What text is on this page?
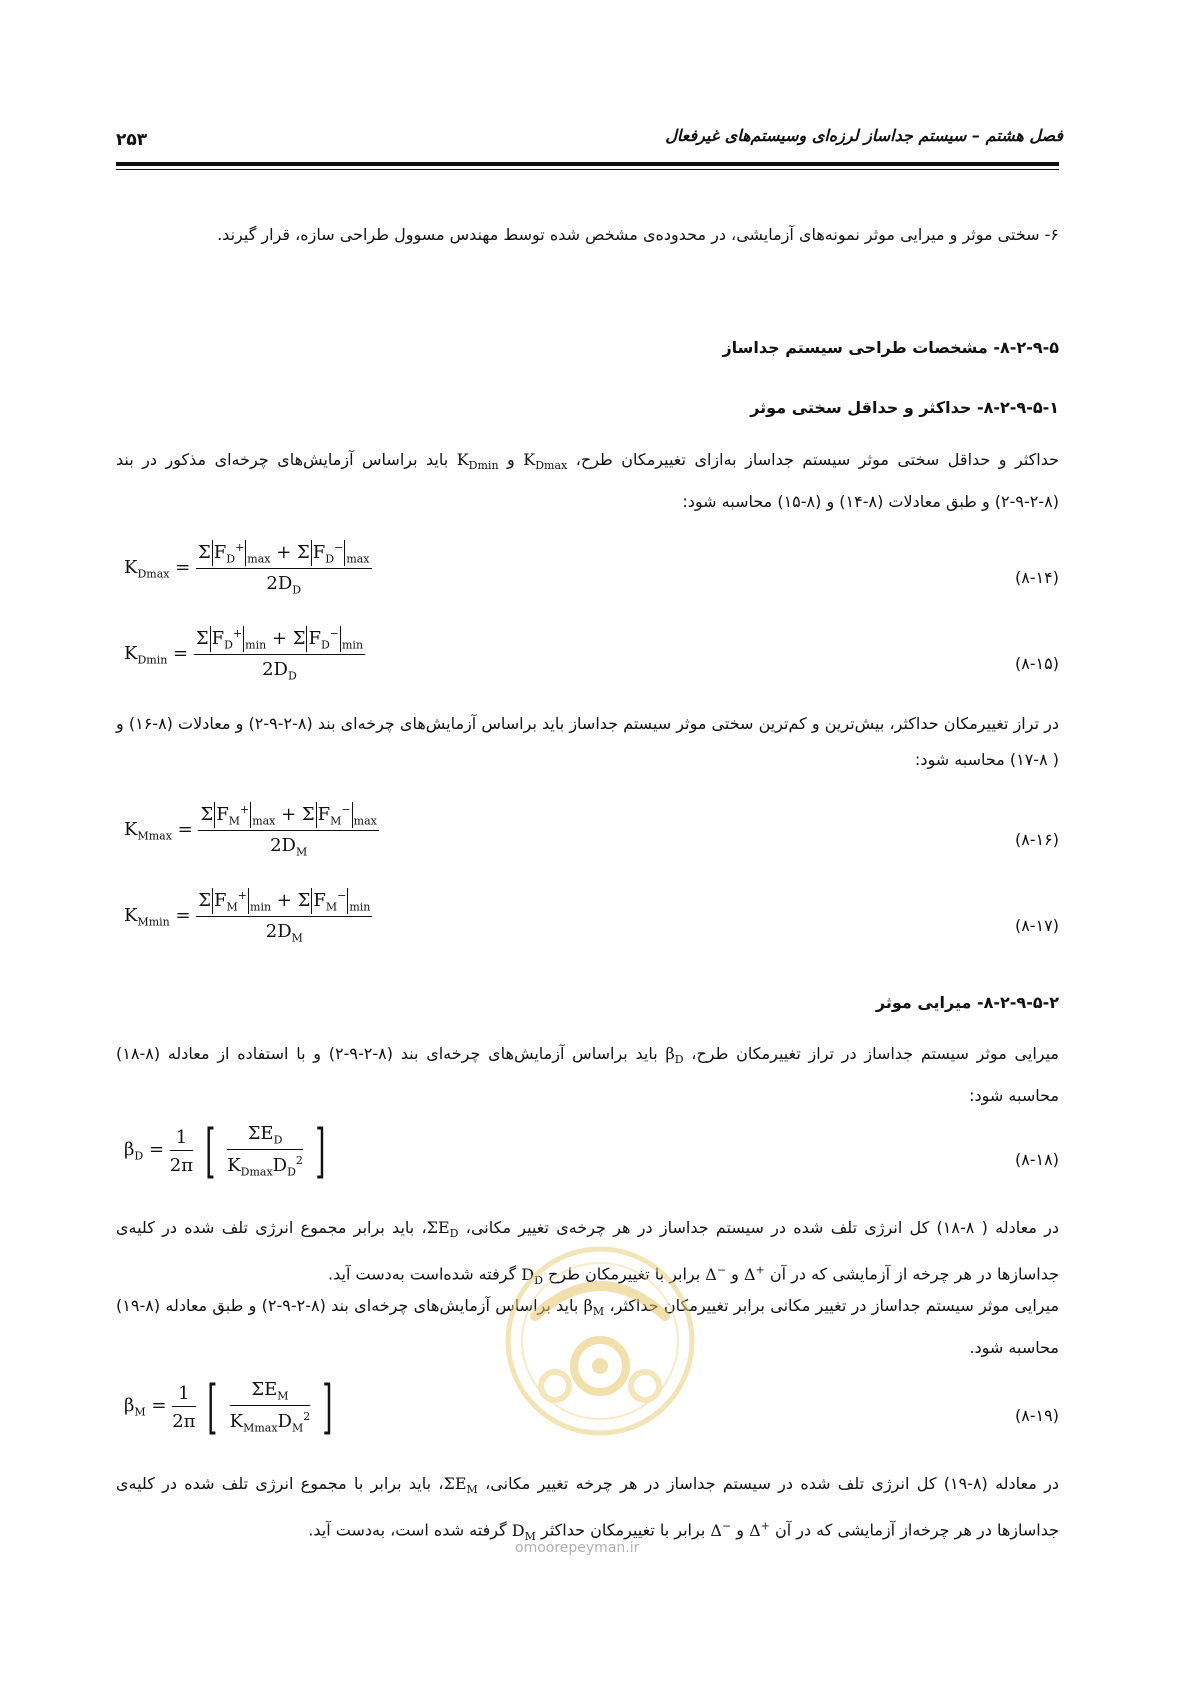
فصل هشتم – سیستم جداساز لرزه‌ای وسیستم‌های غیرفعال
۲۵۳
۶- سختی موثر و میرایی موثر نمونه‌های آزمایشی، در محدوده‌ی مشخص شده توسط مهندس مسوول طراحی سازه، قرار گیرند.
۸-۲-۹-۵- مشخصات طراحی سیستم جداساز
۸-۲-۹-۵-۱- حداکثر و حداقل سختی موثر
حداکثر و حداقل سختی موثر سیستم جداساز به‌ازای تغییرمکان طرح، $K_{Dmax}$ و $K_{Dmin}$ باید براساس آزمایش‌های چرخه‌ای مذکور در بند (۸-۲-۹-۲) و طبق معادلات (۸-۱۴) و (۸-۱۵) محاسبه شود:
$K_{Dmax} = \frac{\Sigma F_D^+_{max} + \Sigma F_D^-_{max}}{2D_D}$	(۸-۱۴)
$K_{Dmin} = \frac{\Sigma F_D^+_{min} + \Sigma F_D^-_{min}}{2D_D}$	(۸-۱۵)
در تراز تغییرمکان حداکثر، بیش‌ترین و کم‌ترین سختی موثر سیستم جداساز باید براساس آزمایش‌های چرخه‌ای بند (۸-۲-۹-۲) و معادلات (۸-۱۶) و ( ۸-۱۷) محاسبه شود:
$K_{Mmax} = \frac{\Sigma F_M^+_{max} + \Sigma F_M^-_{max}}{2D_M}$	(۸-۱۶)
$K_{Mmin} = \frac{\Sigma F_M^+_{min} + \Sigma F_M^-_{min}}{2D_M}$	(۸-۱۷)
۸-۲-۹-۵-۲- میرایی موثر
میرایی موثر سیستم جداساز در تراز تغییرمکان طرح، $\beta_D$ باید براساس آزمایش‌های چرخه‌ای بند (۸-۲-۹-۲) و با استفاده از معادله (۸-۱۸) محاسبه شود:
$\beta_D = \frac{1}{2\pi}$ [ $\frac{\Sigma E_D}{K_{Dmax}D_D^2}$ ]	(۸-۱۸)
در معادله ( ۸-۱۸) کل انرژی تلف شده در سیستم جداساز در هر چرخه‌ی تغییر مکانی، $\Sigma E_D،$ باید برابر مجموع انرژی تلف شده در کلیه‌ی جداسازها در هر چرخه از آزمایشی که در آن Δ+ و Δ− برابر با تغییرمکان طرح $D_D$ گرفته شده‌است به‌دست آید.
میرایی موثر سیستم جداساز در تغییر مکانی برابر تغییرمکان حداکثر، $\beta_M$ باید براساس آزمایش‌های چرخه‌ای بند (۸-۲-۹-۲) و طبق معادله (۸-۱۹) محاسبه شود.
$\beta_M = \frac{1}{2\pi}$ [ $\frac{\Sigma E_M}{K_{Mmax}D_M^2}$ ]	(۸-۱۹)
در معادله (۸-۱۹) کل انرژی تلف شده در سیستم جداساز در هر چرخه تغییر مکانی، $\Sigma E_M،$ باید برابر با مجموع انرژی تلف شده در کلیه‌ی جداسازها در هر چرخه‌از آزمایشی که در آن Δ+ و Δ− برابر با تغییرمکان حداکثر $D_M$ گرفته شده است، به‌دست آید.
omoorepeyman.ir
